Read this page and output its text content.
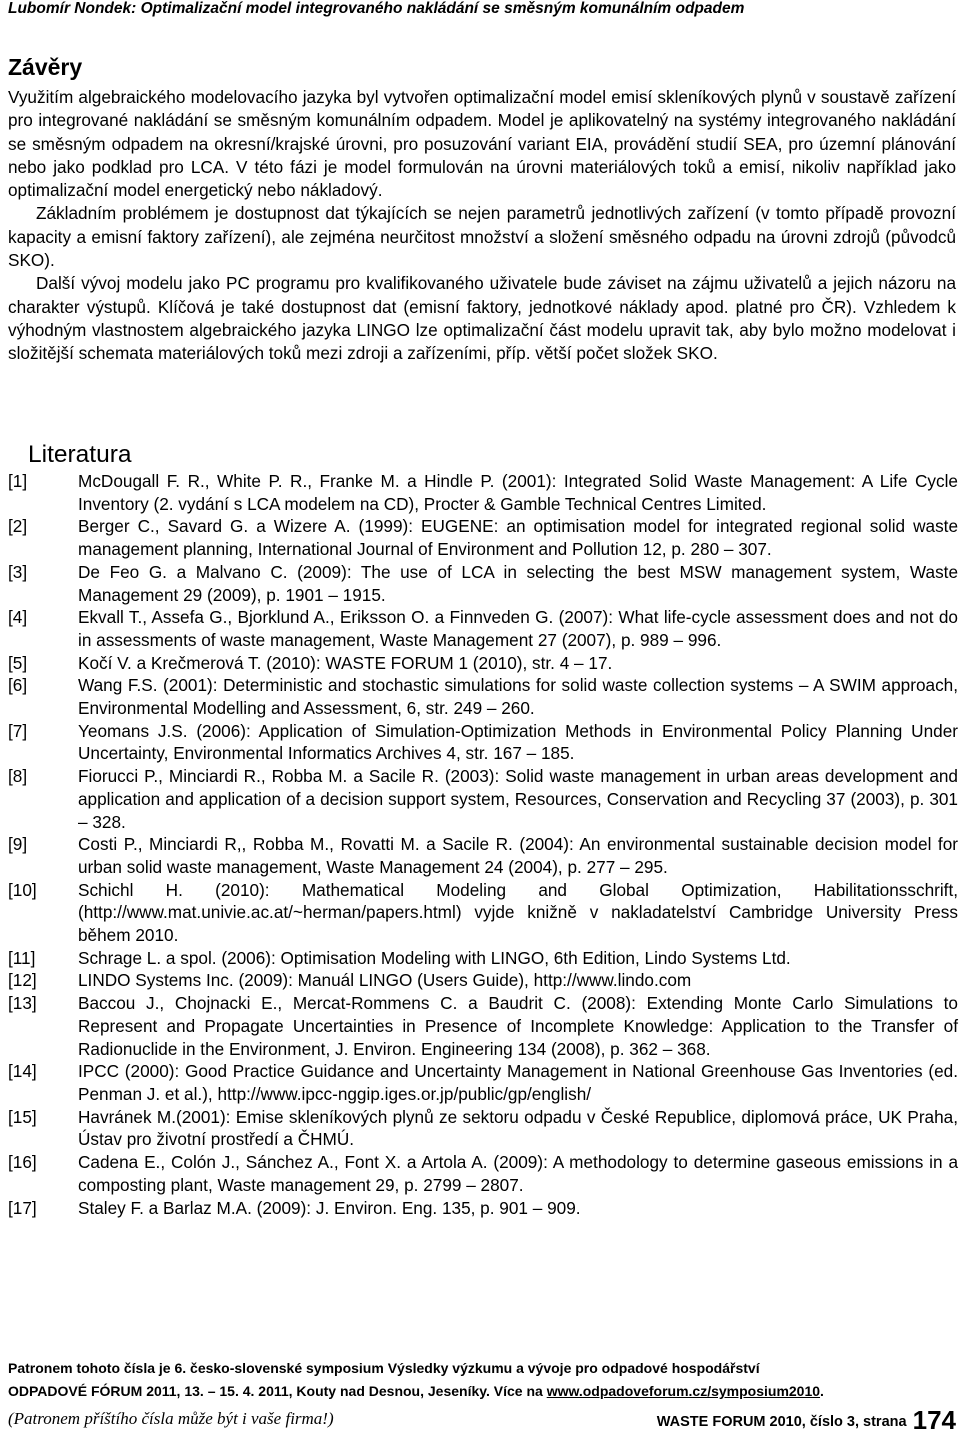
Lubomír Nondek: Optimalizační model integrovaného nakládání se směsným komunálním odpadem
Závěry

Využitím algebraického modelovacího jazyka byl vytvořen optimalizační model emisí skleníkových plynů v soustavě zařízení pro integrované nakládání se směsným komunálním odpadem. Model je aplikovatelný na systémy integrovaného nakládání se směsným odpadem na okresní/krajské úrovni, pro posuzování variant EIA, provádění studií SEA, pro územní plánování nebo jako podklad pro LCA. V této fázi je model formulován na úrovni materiálových toků a emisí, nikoliv například jako optimalizační model energetický nebo nákladový.

Základním problémem je dostupnost dat týkajících se nejen parametrů jednotlivých zařízení (v tomto případě provozní kapacity a emisní faktory zařízení), ale zejména neurčitost množství a složení směsného odpadu na úrovni zdrojů (původců SKO).

Další vývoj modelu jako PC programu pro kvalifikovaného uživatele bude záviset na zájmu uživatelů a jejich názoru na charakter výstupů. Klíčová je také dostupnost dat (emisní faktory, jednotkové náklady apod. platné pro ČR). Vzhledem k výhodným vlastnostem algebraického jazyka LINGO lze optimalizační část modelu upravit tak, aby bylo možno modelovat i složitější schemata materiálových toků mezi zdroji a zařízeními, příp. větší počet složek SKO.

Literatura
[1]	McDougall F. R., White P. R., Franke M. a Hindle P. (2001): Integrated Solid Waste Management: A Life Cycle Inventory (2. vydání s LCA modelem na CD), Procter & Gamble Technical Centres Limited.
[2]	Berger C., Savard G. a Wizere A. (1999): EUGENE: an optimisation model for integrated regional solid waste management planning, International Journal of Environment and Pollution 12, p. 280 – 307.
[3]	De Feo G. a Malvano C. (2009): The use of LCA in selecting the best MSW management system, Waste Management 29 (2009), p. 1901 – 1915.
[4]	Ekvall T., Assefa G., Bjorklund A., Eriksson O. a Finnveden G. (2007): What life-cycle assessment does and not do in assessments of waste management, Waste Management 27 (2007), p. 989 – 996.
[5]	Kočí V. a Krečmerová T. (2010): WASTE FORUM 1 (2010), str. 4 – 17.
[6]	Wang F.S. (2001): Deterministic and stochastic simulations for solid waste collection systems – A SWIM approach, Environmental Modelling and Assessment, 6, str. 249 – 260.
[7]	Yeomans J.S. (2006): Application of Simulation-Optimization Methods in Environmental Policy Planning Under Uncertainty, Environmental Informatics Archives 4, str. 167 – 185.
[8]	Fiorucci P., Minciardi R., Robba M. a Sacile R. (2003): Solid waste management in urban areas development and application and application of a decision support system, Resources, Conservation and Recycling 37 (2003), p. 301 – 328.
[9]	Costi P., Minciardi R,, Robba M., Rovatti M. a Sacile R. (2004): An environmental sustainable decision model for urban solid waste management, Waste Management 24 (2004), p. 277 – 295.
[10]	Schichl H. (2010): Mathematical Modeling and Global Optimization, Habilitationsschrift, (http://www.mat.univie.ac.at/~herman/papers.html) vyjde knižně v nakladatelství Cambridge University Press během 2010.
[11]	Schrage L. a spol. (2006): Optimisation Modeling with LINGO, 6th Edition, Lindo Systems Ltd.
[12]	LINDO Systems Inc. (2009): Manuál LINGO (Users Guide), http://www.lindo.com
[13]	Baccou J., Chojnacki E., Mercat-Rommens C. a Baudrit C. (2008): Extending Monte Carlo Simulations to Represent and Propagate Uncertainties in Presence of Incomplete Knowledge: Application to the Transfer of Radionuclide in the Environment, J. Environ. Engineering 134 (2008), p. 362 – 368.
[14]	IPCC (2000): Good Practice Guidance and Uncertainty Management in National Greenhouse Gas Inventories (ed. Penman J. et al.), http://www.ipcc-nggip.iges.or.jp/public/gp/english/
[15]	Havránek M.(2001): Emise skleníkových plynů ze sektoru odpadu v České Republice, diplomová práce, UK Praha, Ústav pro životní prostředí a ČHMÚ.
[16]	Cadena E., Colón J., Sánchez A., Font X. a Artola A. (2009): A methodology to determine gaseous emissions in a composting plant, Waste management 29, p. 2799 – 2807.
[17]	Staley F. a Barlaz M.A. (2009): J. Environ. Eng. 135, p. 901 – 909.
Patronem tohoto čísla je 6. česko-slovenské symposium Výsledky výzkumu a vývoje pro odpadové hospodářství
ODPADOVÉ FÓRUM 2011, 13. – 15. 4. 2011, Kouty nad Desnou, Jeseníky. Více na www.odpadoveforum.cz/symposium2010.
(Patronem příštího čísla může být i vaše firma!)	WASTE FORUM 2010, číslo 3, strana 174
